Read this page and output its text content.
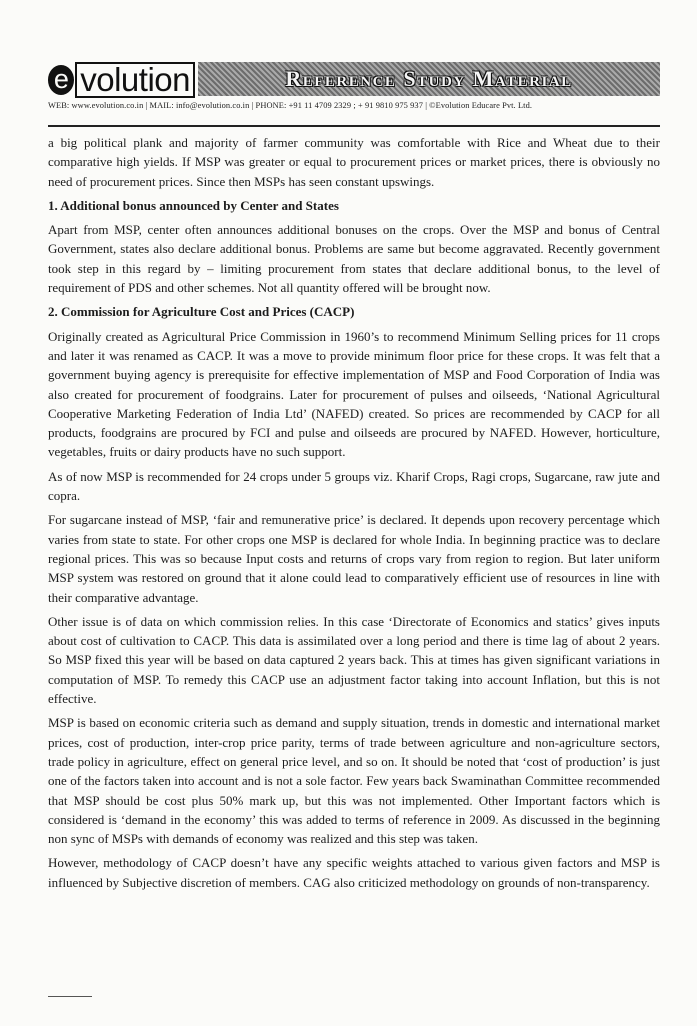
e volution	Reference Study Material
WEB: www.evolution.co.in | MAIL: info@evolution.co.in | PHONE: +91 11 4709 2329 ; + 91 9810 975 937 | ©Evolution Educare Pvt. Ltd.

a big political plank and majority of farmer community was comfortable with Rice and Wheat due to their comparative high yields. If MSP was greater or equal to procurement prices or market prices, there is obviously no need of procurement prices. Since then MSPs has seen constant upswings.

1. Additional bonus announced by Center and States

Apart from MSP, center often announces additional bonuses on the crops. Over the MSP and bonus of Central Government, states also declare additional bonus. Problems are same but become aggravated. Recently government took step in this regard by – limiting procurement from states that declare additional bonus, to the level of requirement of PDS and other schemes. Not all quantity offered will be brought now.

2. Commission for Agriculture Cost and Prices (CACP)

Originally created as Agricultural Price Commission in 1960’s to recommend Minimum Selling prices for 11 crops and later it was renamed as CACP. It was a move to provide minimum floor price for these crops. It was felt that a government buying agency is prerequisite for effective implementation of MSP and Food Corporation of India was also created for procurement of foodgrains. Later for procurement of pulses and oilseeds, ‘National Agricultural Cooperative Marketing Federation of India Ltd’ (NAFED) created. So prices are recommended by CACP for all products, foodgrains are procured by FCI and pulse and oilseeds are procured by NAFED. However, horticulture, vegetables, fruits or dairy products have no such support.

As of now MSP is recommended for 24 crops under 5 groups viz. Kharif Crops, Ragi crops, Sugarcane, raw jute and copra.

For sugarcane instead of MSP, ‘fair and remunerative price’ is declared. It depends upon recovery percentage which varies from state to state. For other crops one MSP is declared for whole India. In beginning practice was to declare regional prices. This was so because Input costs and returns of crops vary from region to region. But later uniform MSP system was restored on ground that it alone could lead to comparatively efficient use of resources in line with their comparative advantage.

Other issue is of data on which commission relies. In this case ‘Directorate of Economics and statics’ gives inputs about cost of cultivation to CACP. This data is assimilated over a long period and there is time lag of about 2 years. So MSP fixed this year will be based on data captured 2 years back. This at times has given significant variations in computation of MSP. To remedy this CACP use an adjustment factor taking into account Inflation, but this is not effective.

MSP is based on economic criteria such as demand and supply situation, trends in domestic and international market prices, cost of production, inter-crop price parity, terms of trade between agriculture and non-agriculture sectors, trade policy in agriculture, effect on general price level, and so on. It should be noted that ‘cost of production’ is just one of the factors taken into account and is not a sole factor. Few years back Swaminathan Committee recommended that MSP should be cost plus 50% mark up, but this was not implemented. Other Important factors which is considered is ‘demand in the economy’ this was added to terms of reference in 2009. As discussed in the beginning non sync of MSPs with demands of economy was realized and this step was taken.

However, methodology of CACP doesn’t have any specific weights attached to various given factors and MSP is influenced by Subjective discretion of members. CAG also criticized methodology on grounds of non-transparency.
